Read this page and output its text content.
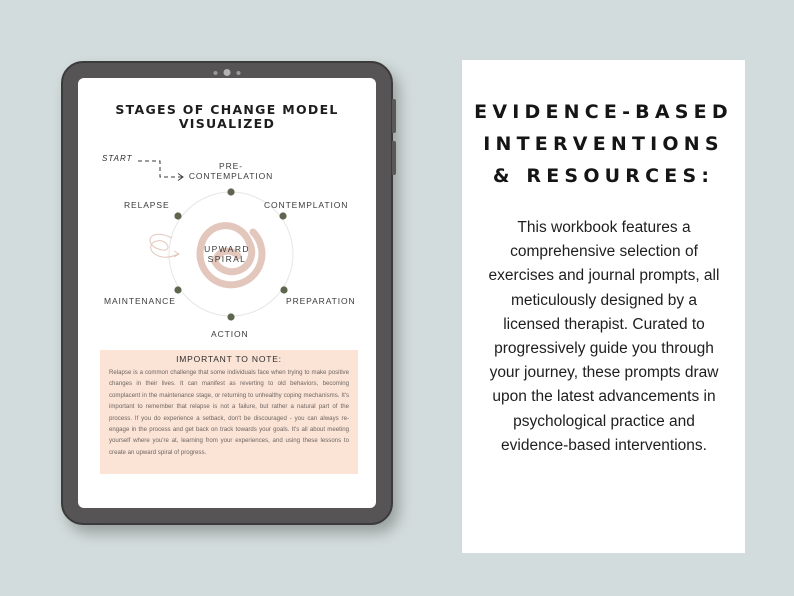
STAGES OF CHANGE MODEL
VISUALIZED
START
PRE-
CONTEMPLATION
CONTEMPLATION
PREPARATION
ACTION
MAINTENANCE
RELAPSE
UPWARD
SPIRAL
IMPORTANT TO NOTE:
Relapse is a common challenge that some individuals face when trying to make positive changes in their lives. It can manifest as reverting to old behaviors, becoming complacent in the maintenance stage, or returning to unhealthy coping mechanisms. It's important to remember that relapse is not a failure, but rather a natural part of the process. If you do experience a setback, don't be discouraged - you can always re-engage in the process and get back on track towards your goals. It's all about meeting yourself where you're at, learning from your experiences, and using these lessons to create an upward spiral of progress.
EVIDENCE-BASED
INTERVENTIONS
& RESOURCES:
This workbook features a comprehensive selection of exercises and journal prompts, all meticulously designed by a licensed therapist. Curated to progressively guide you through your journey, these prompts draw upon the latest advancements in psychological practice and evidence-based interventions.
